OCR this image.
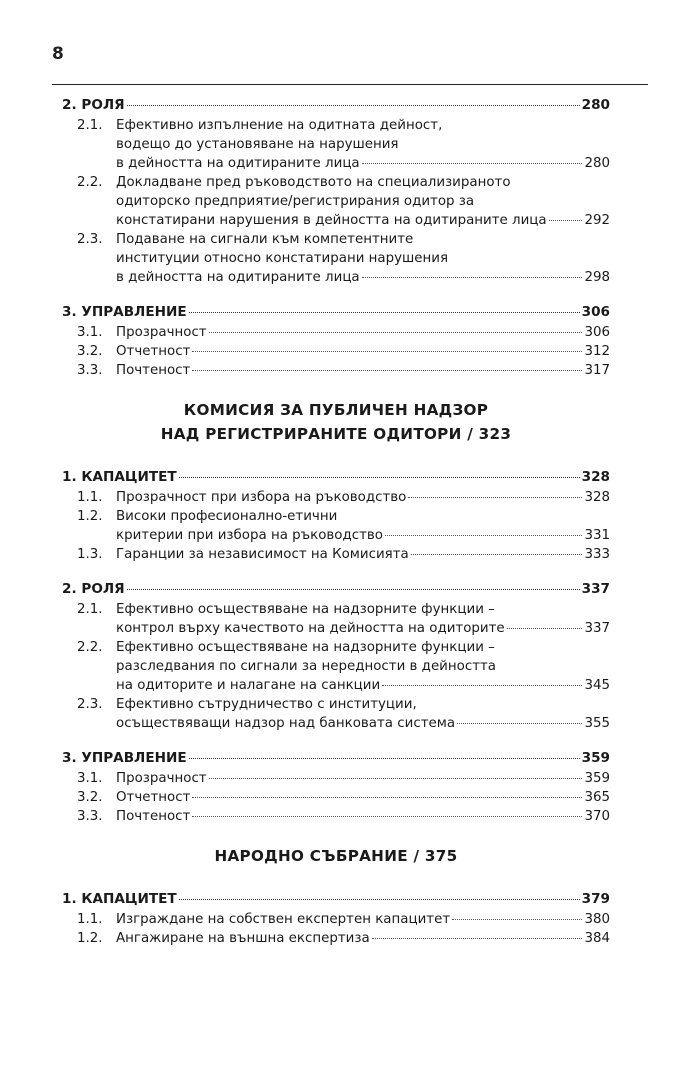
8
2. РОЛЯ	280
2.1.	Ефективно изпълнение на одитната дейност,
водещо до установяване на нарушения
в дейността на одитираните лица	280
2.2.	Докладване пред ръководството на специализираното
одиторско предприятие/регистрирания одитор за
констатирани нарушения в дейността на одитираните лица	292
2.3.	Подаване на сигнали към компетентните
институции относно констатирани нарушения
в дейността на одитираните лица	298
3. УПРАВЛЕНИЕ	306
3.1.	Прозрачност	306
3.2.	Отчетност	312
3.3.	Почтеност	317
КОМИСИЯ ЗА ПУБЛИЧЕН НАДЗОР
НАД РЕГИСТРИРАНИТЕ ОДИТОРИ / 323
1. КАПАЦИТЕТ	328
1.1.	Прозрачност при избора на ръководство	328
1.2.	Високи професионално-етични
критерии при избора на ръководство	331
1.3.	Гаранции за независимост на Комисията	333
2. РОЛЯ	337
2.1.	Ефективно осъществяване на надзорните функции –
контрол върху качеството на дейността на одиторите	337
2.2.	Ефективно осъществяване на надзорните функции –
разследвания по сигнали за нередности в дейността
на одиторите и налагане на санкции	345
2.3.	Ефективно сътрудничество с институции,
осъществяващи надзор над банковата система	355
3. УПРАВЛЕНИЕ	359
3.1.	Прозрачност	359
3.2.	Отчетност	365
3.3.	Почтеност	370
НАРОДНО СЪБРАНИЕ / 375
1. КАПАЦИТЕТ	379
1.1.	Изграждане на собствен експертен капацитет	380
1.2.	Ангажиране на външна експертиза	384
